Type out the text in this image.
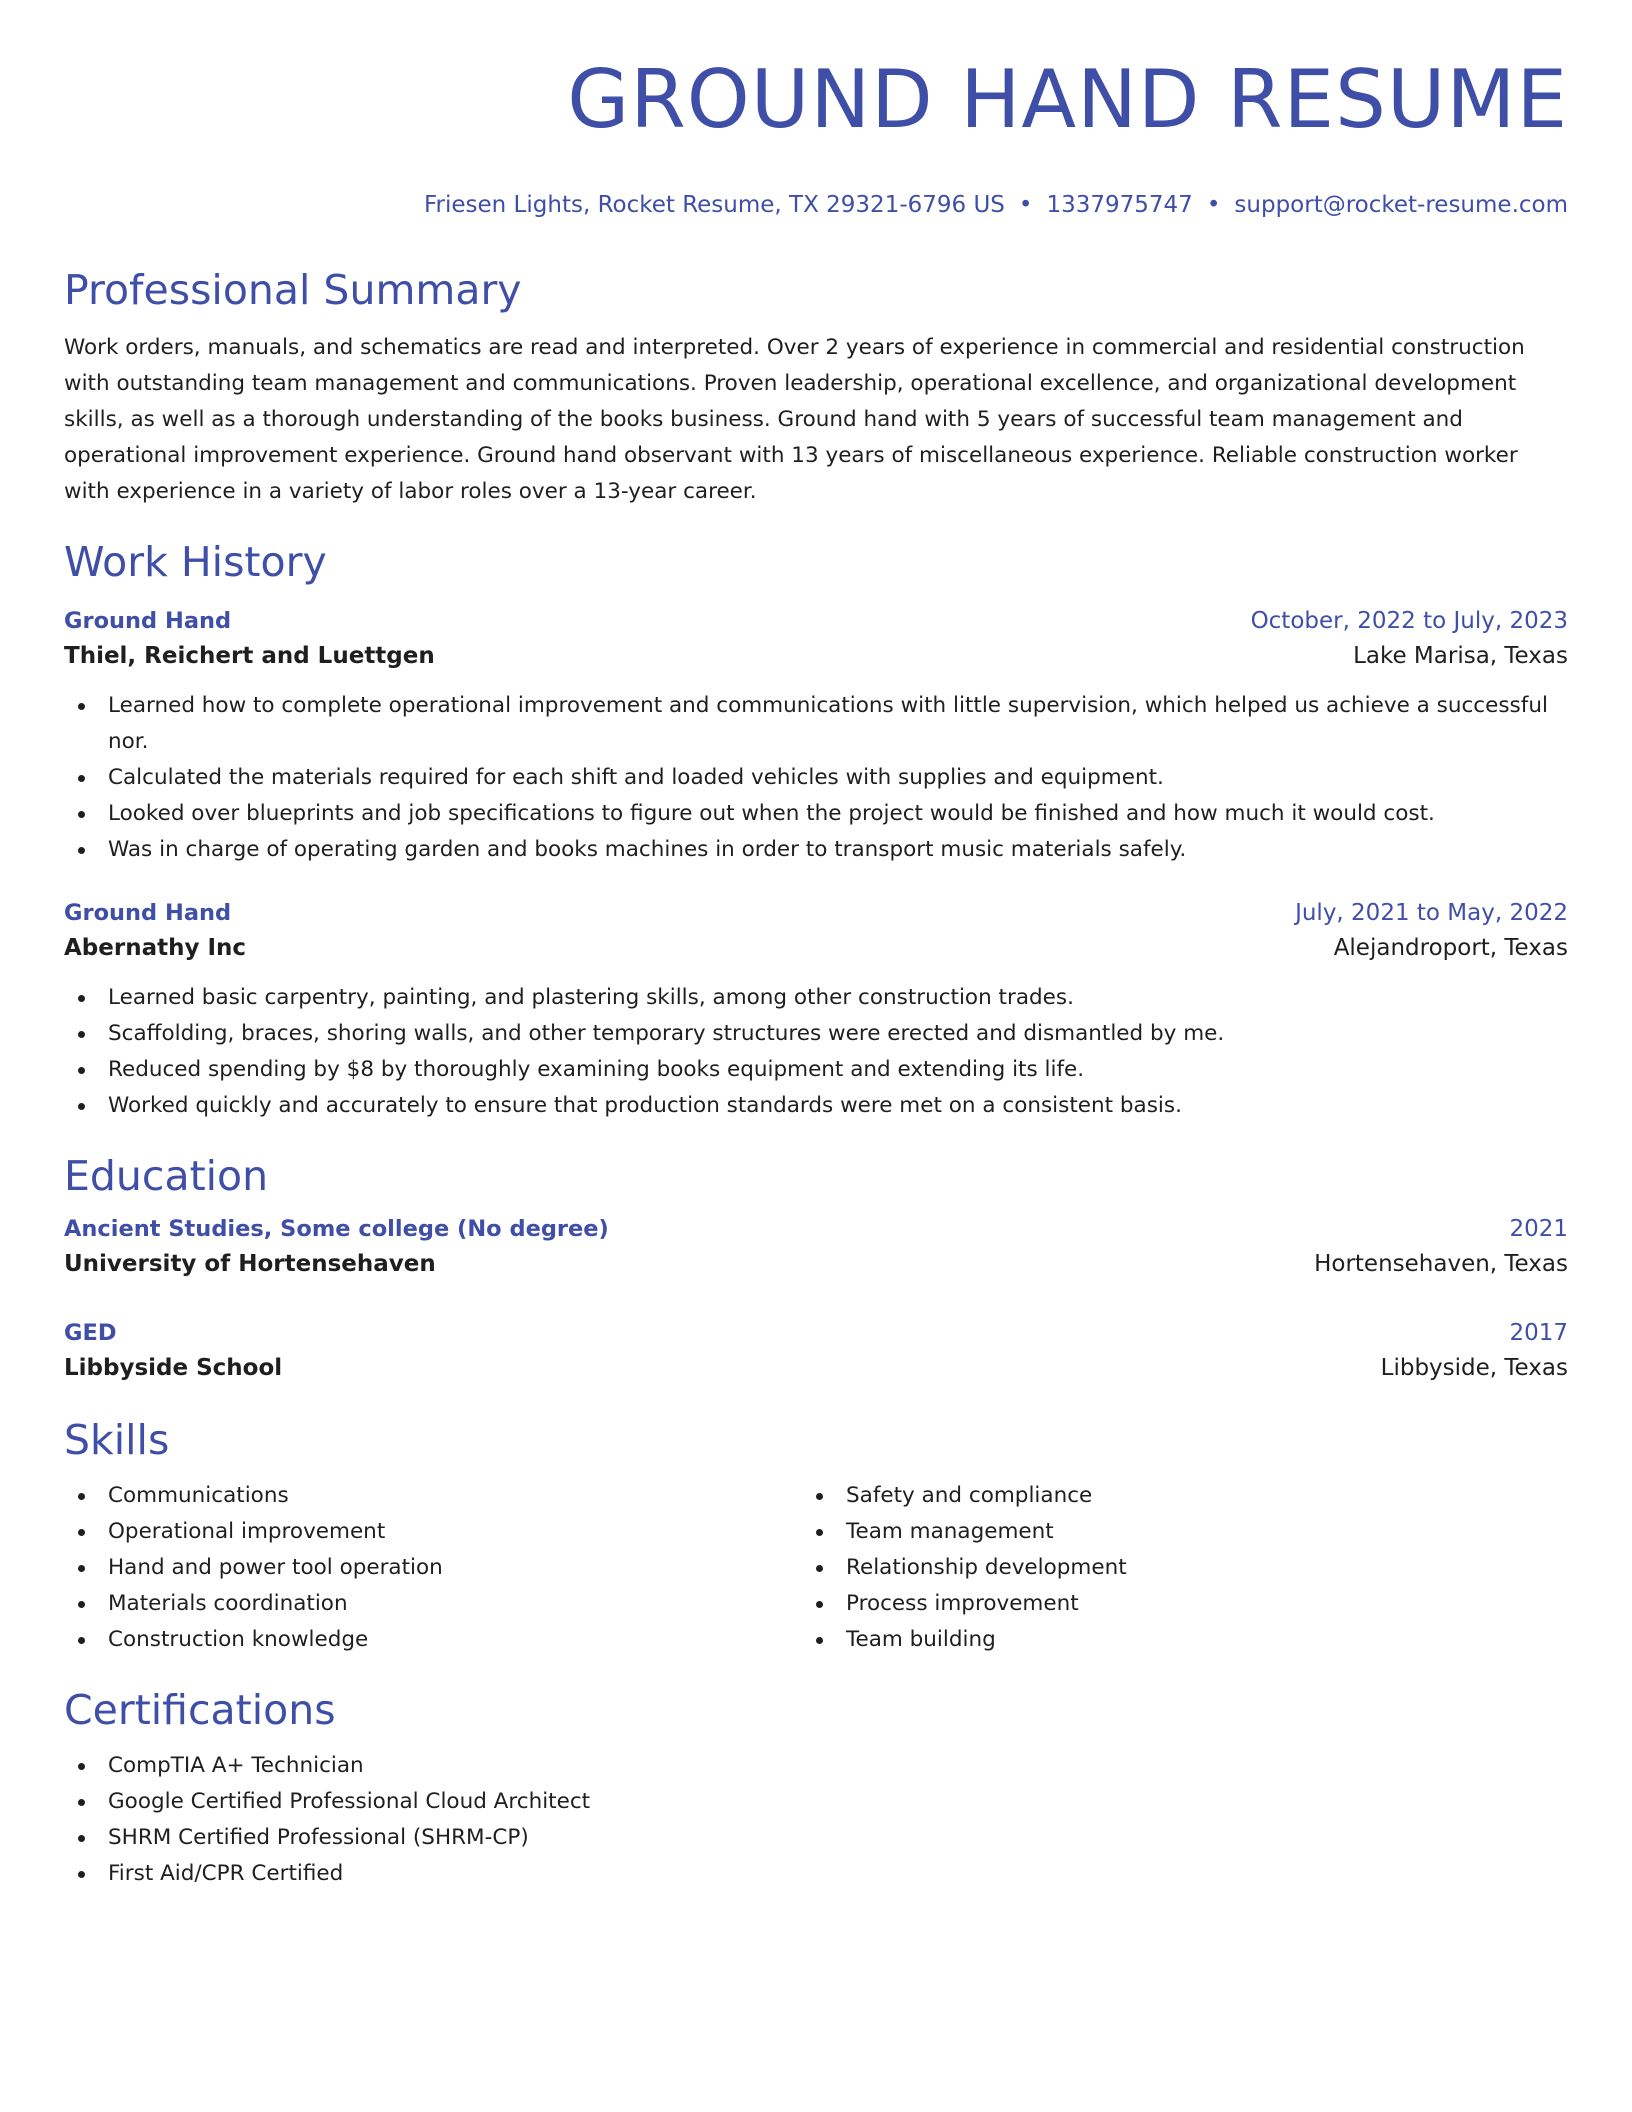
GROUND HAND RESUME
Friesen Lights, Rocket Resume, TX 29321-6796 US • 1337975747 • support@rocket-resume.com
Professional Summary

Work orders, manuals, and schematics are read and interpreted. Over 2 years of experience in commercial and residential construction with outstanding team management and communications. Proven leadership, operational excellence, and organizational development skills, as well as a thorough understanding of the books business. Ground hand with 5 years of successful team management and operational improvement experience. Ground hand observant with 13 years of miscellaneous experience. Reliable construction worker with experience in a variety of labor roles over a 13-year career.

Work History
Ground Hand	October, 2022 to July, 2023
Thiel, Reichert and Luettgen	Lake Marisa, Texas
Learned how to complete operational improvement and communications with little supervision, which helped us achieve a successful nor.
Calculated the materials required for each shift and loaded vehicles with supplies and equipment.
Looked over blueprints and job specifications to figure out when the project would be finished and how much it would cost.
Was in charge of operating garden and books machines in order to transport music materials safely.
Ground Hand	July, 2021 to May, 2022
Abernathy Inc	Alejandroport, Texas
Learned basic carpentry, painting, and plastering skills, among other construction trades.
Scaffolding, braces, shoring walls, and other temporary structures were erected and dismantled by me.
Reduced spending by $8 by thoroughly examining books equipment and extending its life.
Worked quickly and accurately to ensure that production standards were met on a consistent basis.
Education
Ancient Studies, Some college (No degree)	2021
University of Hortensehaven	Hortensehaven, Texas
GED	2017
Libbyside School	Libbyside, Texas
Skills
Communications
Operational improvement
Hand and power tool operation
Materials coordination
Construction knowledge
Safety and compliance
Team management
Relationship development
Process improvement
Team building
Certifications
CompTIA A+ Technician
Google Certified Professional Cloud Architect
SHRM Certified Professional (SHRM-CP)
First Aid/CPR Certified
